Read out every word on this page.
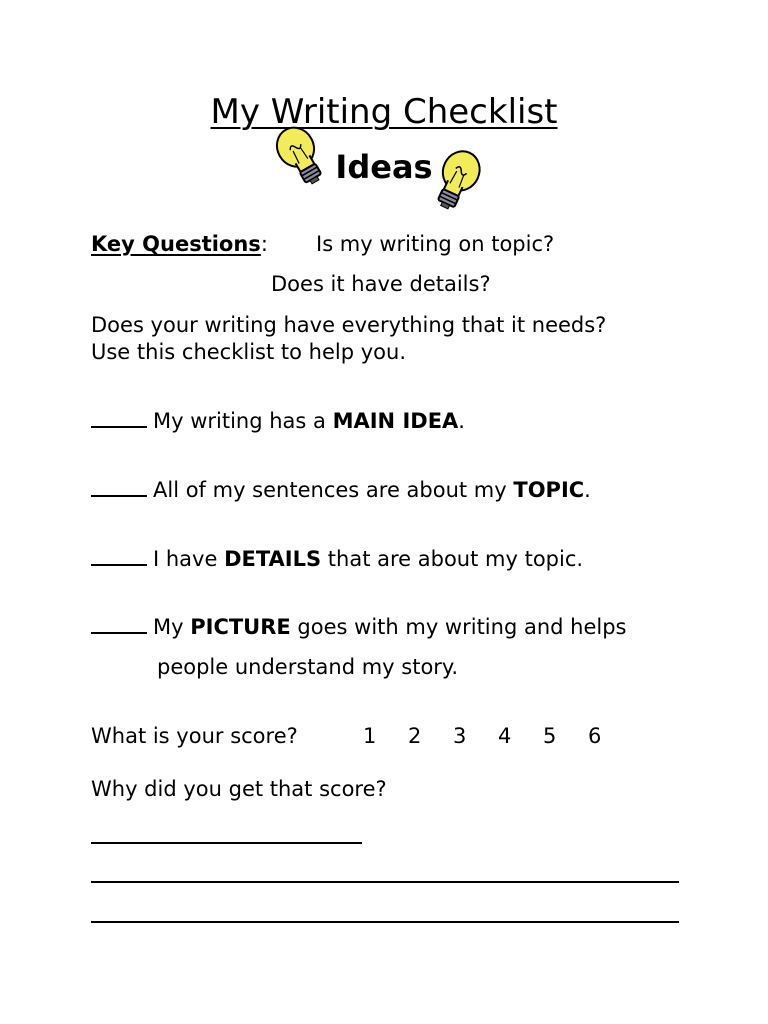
My Writing Checklist
Ideas
Key Questions: Is my writing on topic?
Does it have details?
Does your writing have everything that it needs?
Use this checklist to help you.
My writing has a MAIN IDEA.
All of my sentences are about my TOPIC.
I have DETAILS that are about my topic.
My PICTURE goes with my writing and helps
people understand my story.
What is your score?	1 2 3 4 5 6
Why did you get that score?
